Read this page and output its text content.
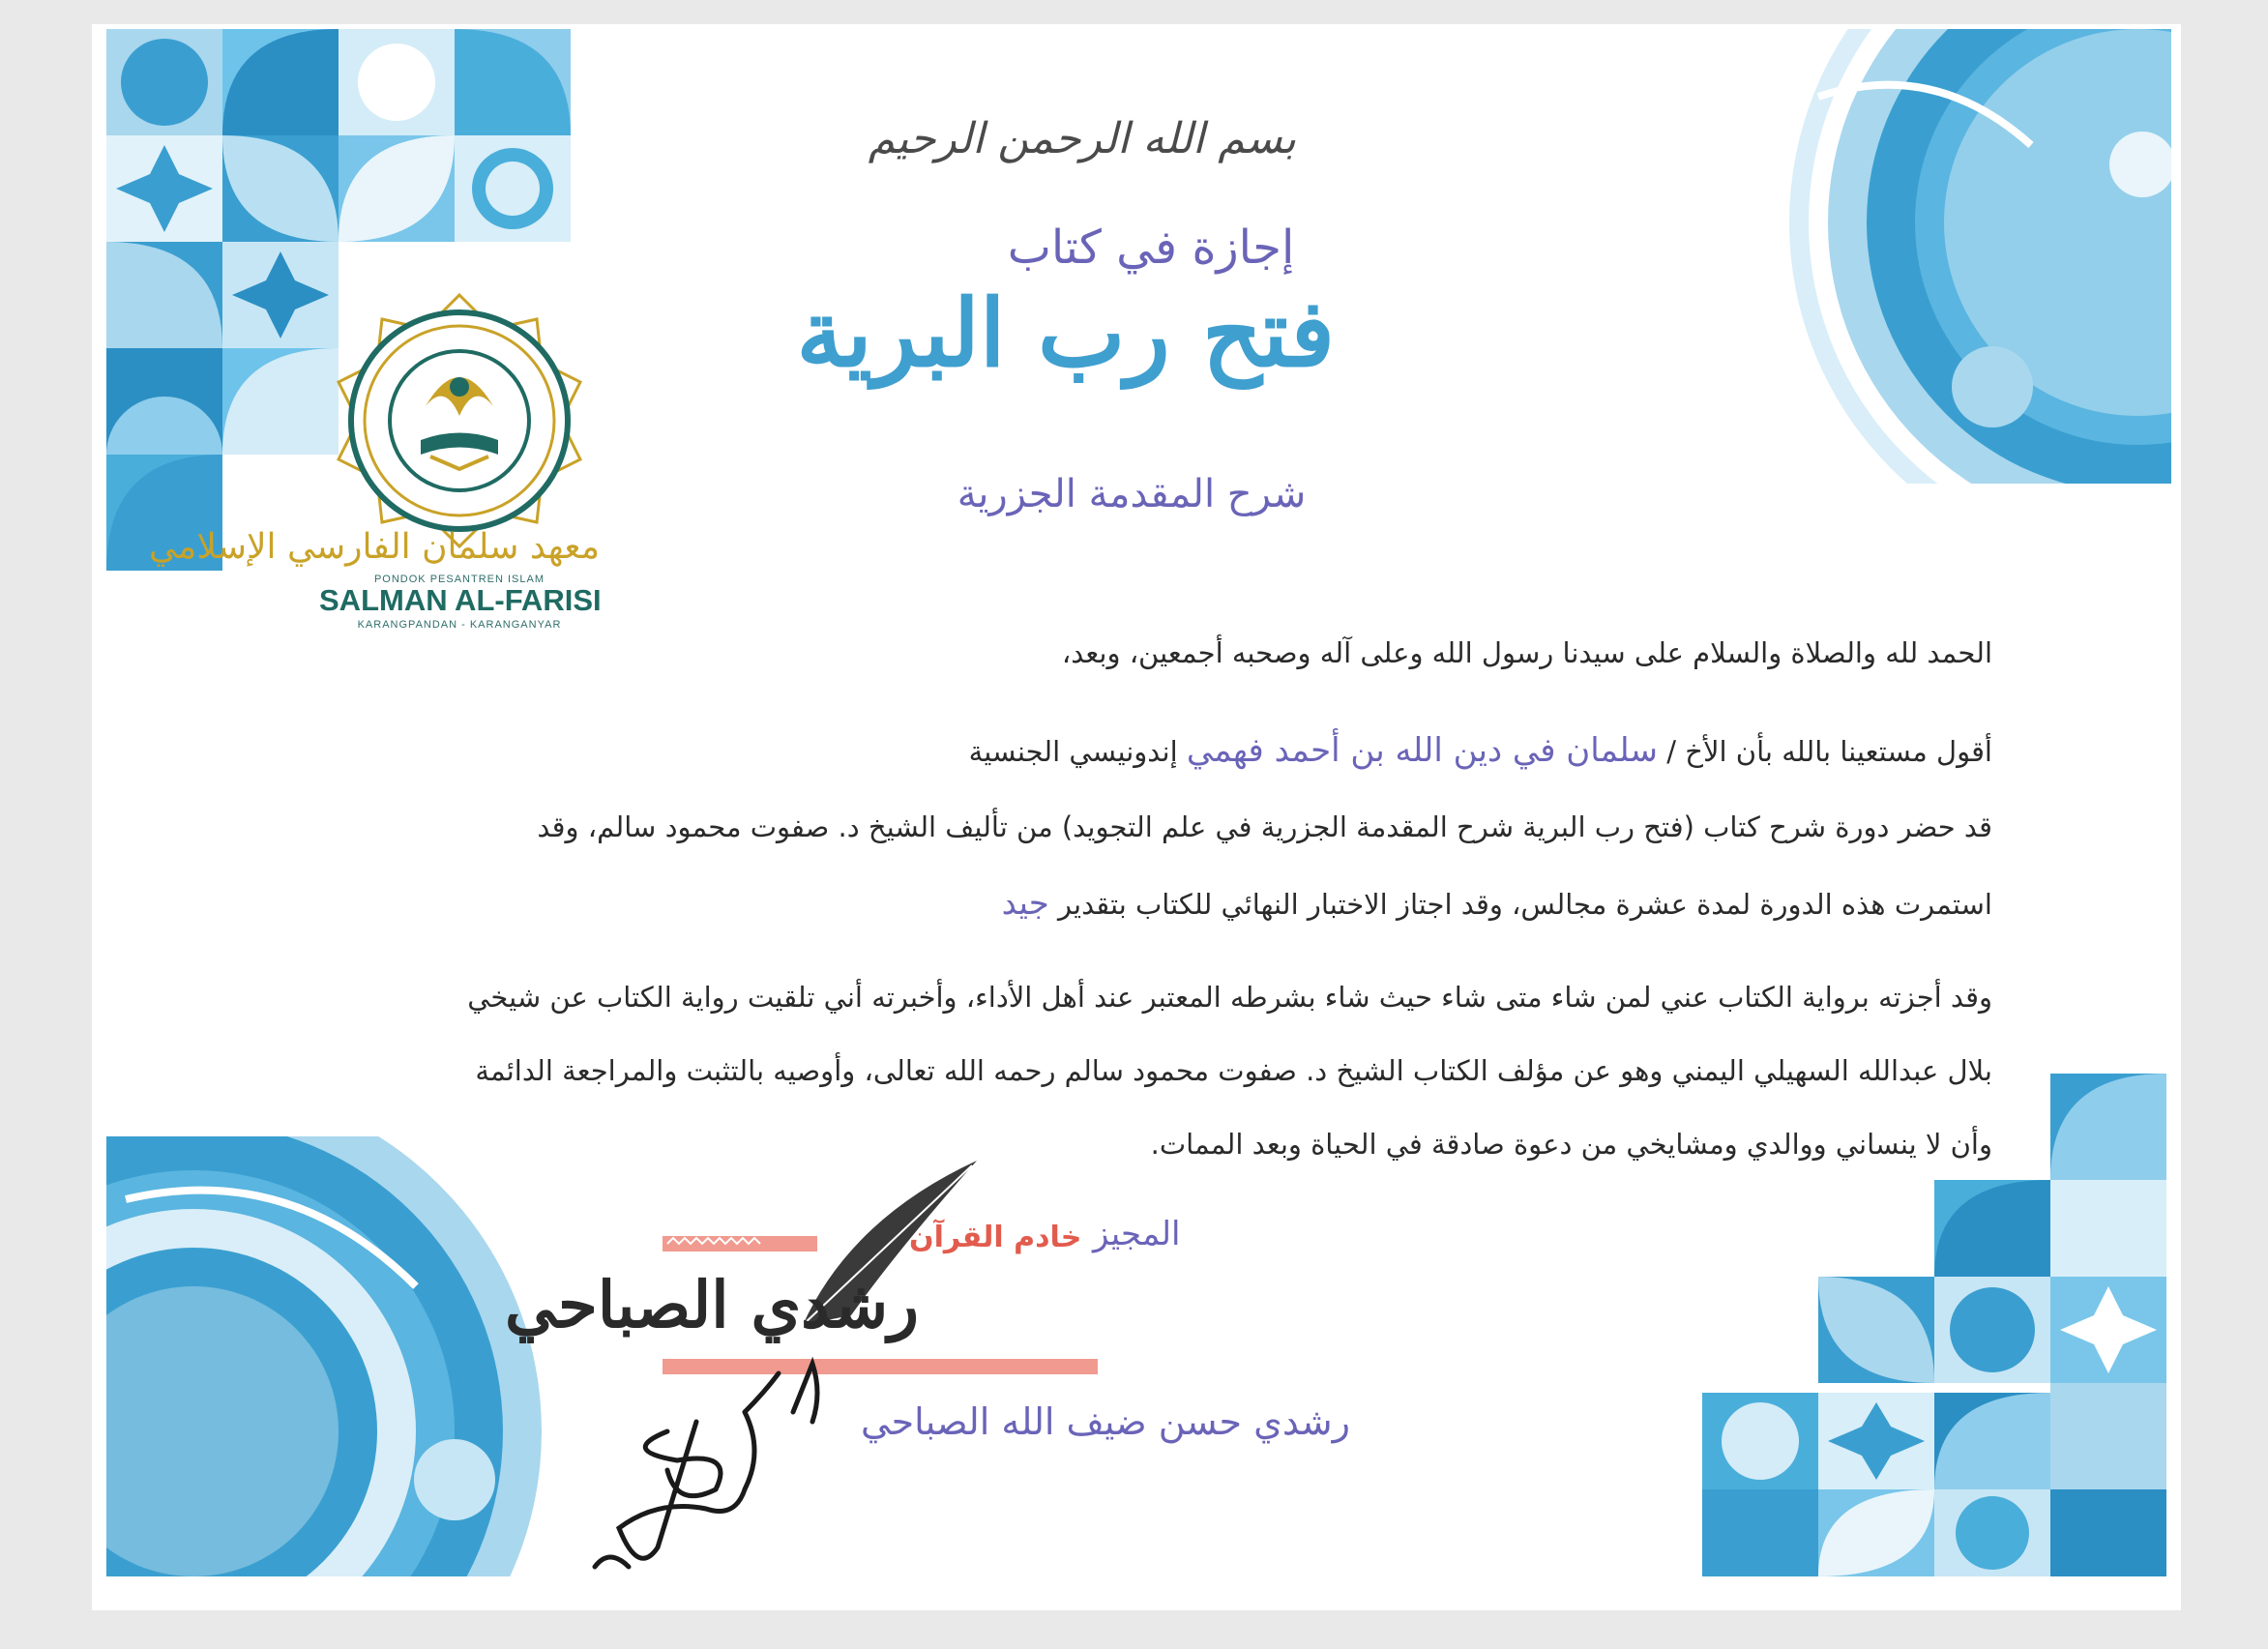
بسم الله الرحمن الرحيم
إجازة في كتاب
فتح رب البرية
شرح المقدمة الجزرية
معهد سلمان الفارسي الإسلامي
PONDOK PESANTREN ISLAM
SALMAN AL-FARISI
KARANGPANDAN - KARANGANYAR
الحمد لله والصلاة والسلام على سيدنا رسول الله وعلى آله وصحبه أجمعين، وبعد،
أقول مستعينا بالله بأن الأخ / سلمان في دين الله بن أحمد فهمي إندونيسي الجنسية
قد حضر دورة شرح كتاب (فتح رب البرية شرح المقدمة الجزرية في علم التجويد) من تأليف الشيخ د. صفوت محمود سالم، وقد
استمرت هذه الدورة لمدة عشرة مجالس، وقد اجتاز الاختبار النهائي للكتاب بتقدير جيد
وقد أجزته برواية الكتاب عني لمن شاء متى شاء حيث شاء بشرطه المعتبر عند أهل الأداء، وأخبرته أني تلقيت رواية الكتاب عن شيخي
بلال عبدالله السهيلي اليمني وهو عن مؤلف الكتاب الشيخ د. صفوت محمود سالم رحمه الله تعالى، وأوصيه بالتثبت والمراجعة الدائمة
وأن لا ينساني ووالدي ومشايخي من دعوة صادقة في الحياة وبعد الممات.
المجيز
خادم القرآن
رشدي الصباحي
رشدي حسن ضيف الله الصباحي
